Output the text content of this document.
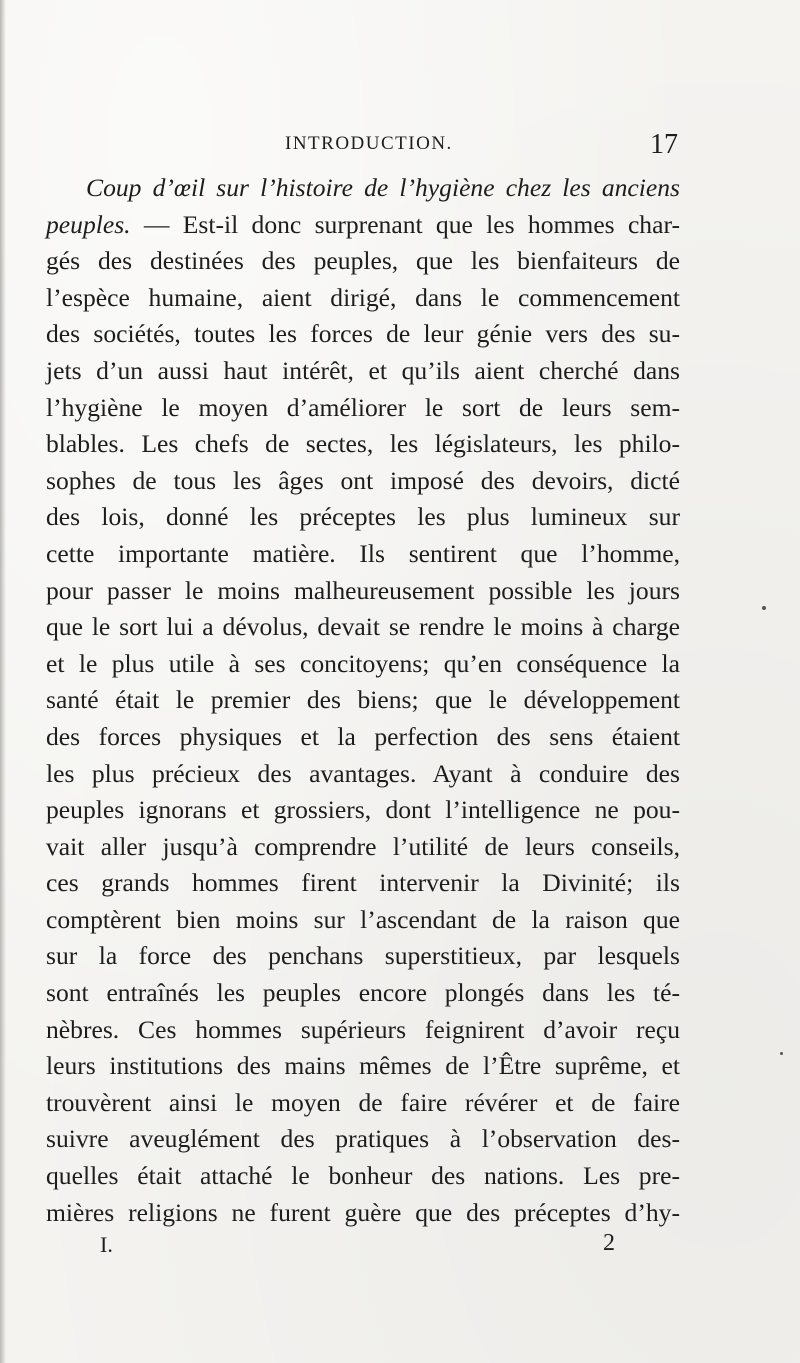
INTRODUCTION.	17
Coup d’œil sur l’histoire de l’hygiène chez les anciens
peuples. — Est-il donc surprenant que les hommes char-
gés des destinées des peuples, que les bienfaiteurs de
l’espèce humaine, aient dirigé, dans le commencement
des sociétés, toutes les forces de leur génie vers des su-
jets d’un aussi haut intérêt, et qu’ils aient cherché dans
l’hygiène le moyen d’améliorer le sort de leurs sem-
blables. Les chefs de sectes, les législateurs, les philo-
sophes de tous les âges ont imposé des devoirs, dicté
des lois, donné les préceptes les plus lumineux sur
cette importante matière. Ils sentirent que l’homme,
pour passer le moins malheureusement possible les jours
que le sort lui a dévolus, devait se rendre le moins à charge
et le plus utile à ses concitoyens; qu’en conséquence la
santé était le premier des biens; que le développement
des forces physiques et la perfection des sens étaient
les plus précieux des avantages. Ayant à conduire des
peuples ignorans et grossiers, dont l’intelligence ne pou-
vait aller jusqu’à comprendre l’utilité de leurs conseils,
ces grands hommes firent intervenir la Divinité; ils
comptèrent bien moins sur l’ascendant de la raison que
sur la force des penchans superstitieux, par lesquels
sont entraînés les peuples encore plongés dans les té-
nèbres. Ces hommes supérieurs feignirent d’avoir reçu
leurs institutions des mains mêmes de l’Être suprême, et
trouvèrent ainsi le moyen de faire révérer et de faire
suivre aveuglément des pratiques à l’observation des-
quelles était attaché le bonheur des nations. Les pre-
mières religions ne furent guère que des préceptes d’hy-
I.	2
